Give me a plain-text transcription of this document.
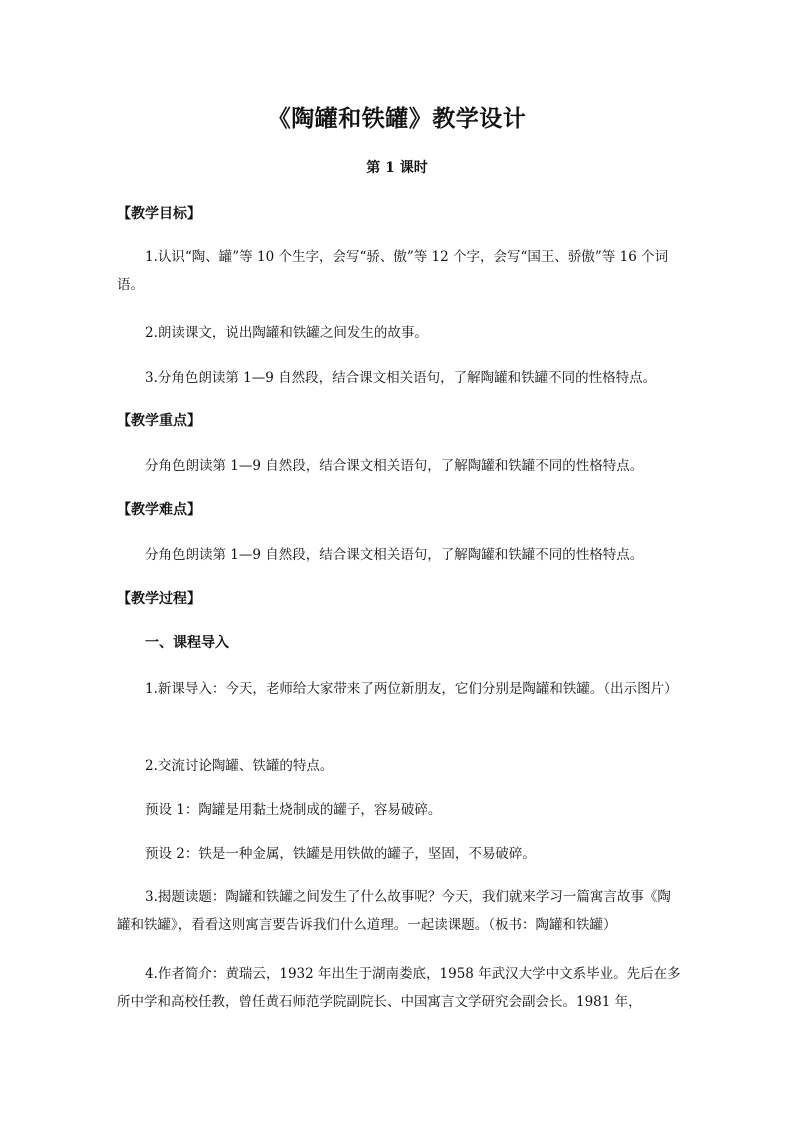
《陶罐和铁罐》教学设计
第 1 课时
【教学目标】
1.认识“陶、罐”等 10 个生字，会写“骄、傲”等 12 个字，会写“国王、骄傲”等 16 个词语。
2.朗读课文，说出陶罐和铁罐之间发生的故事。
3.分角色朗读第 1—9 自然段，结合课文相关语句，了解陶罐和铁罐不同的性格特点。
【教学重点】
分角色朗读第 1—9 自然段，结合课文相关语句，了解陶罐和铁罐不同的性格特点。
【教学难点】
分角色朗读第 1—9 自然段，结合课文相关语句，了解陶罐和铁罐不同的性格特点。
【教学过程】
一、课程导入
1.新课导入：今天，老师给大家带来了两位新朋友，它们分别是陶罐和铁罐。（出示图片）
2.交流讨论陶罐、铁罐的特点。
预设 1：陶罐是用黏土烧制成的罐子，容易破碎。
预设 2：铁是一种金属，铁罐是用铁做的罐子，坚固，不易破碎。
3.揭题读题：陶罐和铁罐之间发生了什么故事呢？今天，我们就来学习一篇寓言故事《陶罐和铁罐》，看看这则寓言要告诉我们什么道理。一起读课题。（板书：陶罐和铁罐）
4.作者简介：黄瑞云，1932 年出生于湖南娄底，1958 年武汉大学中文系毕业。先后在多所中学和高校任教，曾任黄石师范学院副院长、中国寓言文学研究会副会长。1981 年，
